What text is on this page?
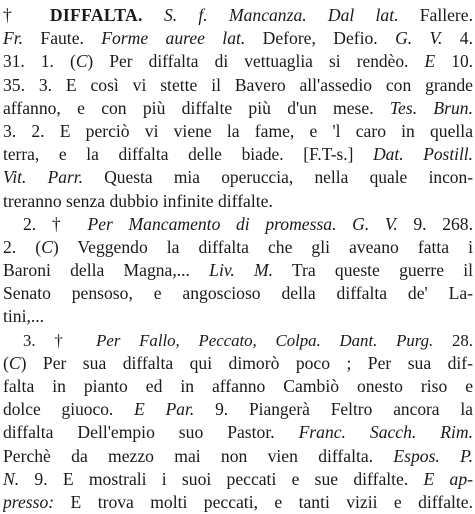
† DIFFALTA. S. f. Mancanza. Dal lat. Fallere.
Fr. Faute. Forme auree lat. Defore, Defio. G. V. 4.
31. 1. (C) Per diffalta di vettuaglia si rendèo. E 10.
35. 3. E così vi stette il Bavero all'assedio con grande
affanno, e con più diffalte più d'un mese. Tes. Brun.
3. 2. E perciò vi viene la fame, e 'l caro in quella
terra, e la diffalta delle biade. [F.T-s.] Dat. Postill.
Vit. Parr. Questa mia operuccia, nella quale incon-
treranno senza dubbio infinite diffalte.
2. † Per Mancamento di promessa. G. V. 9. 268.
2. (C) Veggendo la diffalta che gli aveano fatta i
Baroni della Magna,... Liv. M. Tra queste guerre il
Senato pensoso, e angoscioso della diffalta de' La-
tini,...
3. † Per Fallo, Peccato, Colpa. Dant. Purg. 28.
(C) Per sua diffalta qui dimorò poco ; Per sua dif-
falta in pianto ed in affanno Cambiò onesto riso e
dolce giuoco. E Par. 9. Piangerà Feltro ancora la
diffalta Dell'empio suo Pastor. Franc. Sacch. Rim.
Perchè da mezzo mai non vien diffalta. Espos. P.
N. 9. E mostrali i suoi peccati e sue diffalte. E ap-
presso: E trova molti peccati, e tanti vizii e diffalte.
